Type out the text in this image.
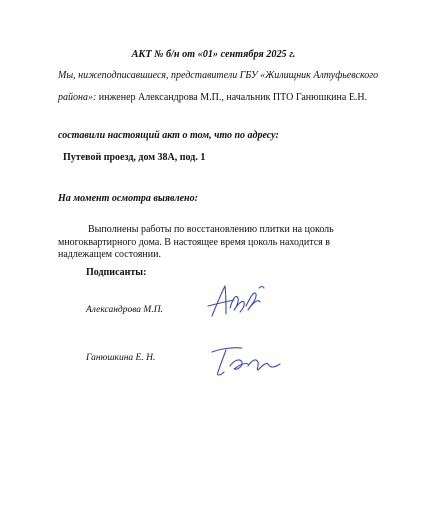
АКТ № б/н от «01» сентября 2025 г.
Мы, нижеподписавшиеся, представители ГБУ «Жилищник Алтуфьевского
района»: инженер Александрова М.П., начальник ПТО Ганюшкина Е.Н.
составили настоящий акт о том, что по адресу:
Путевой проезд, дом 38А, под. 1
На момент осмотра выявлено:
Выполнены работы по восстановлению плитки на цоколь многоквартирного дома. В настоящее время цоколь находится в надлежащем состоянии.
Подписанты:
Александрова М.П.
Ганюшкина Е. Н.
